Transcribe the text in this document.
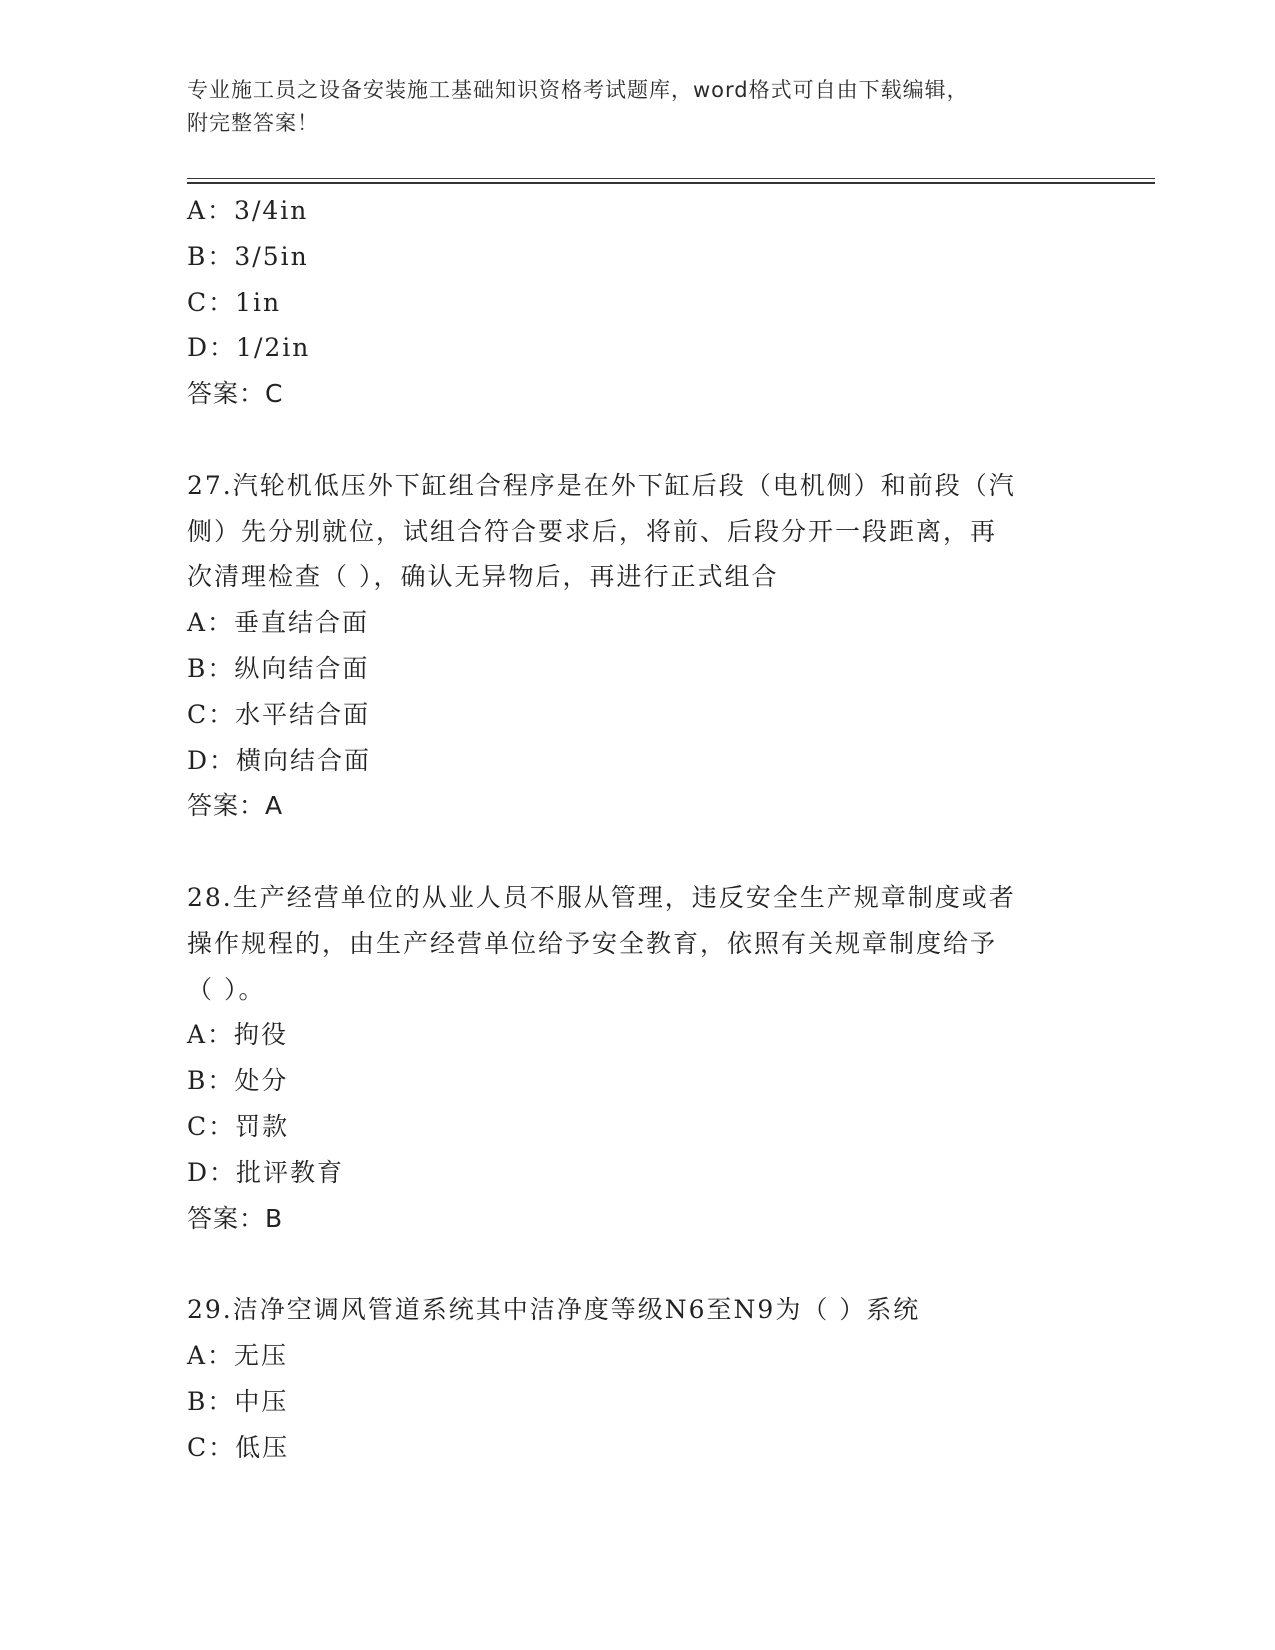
专业施工员之设备安装施工基础知识资格考试题库，word格式可自由下载编辑，
附完整答案！
A：3/4in
B：3/5in
C：1in
D：1/2in
答案：C
27.汽轮机低压外下缸组合程序是在外下缸后段（电机侧）和前段（汽
侧）先分别就位，试组合符合要求后，将前、后段分开一段距离，再
次清理检查（ ），确认无异物后，再进行正式组合
A：垂直结合面
B：纵向结合面
C：水平结合面
D：横向结合面
答案：A
28.生产经营单位的从业人员不服从管理，违反安全生产规章制度或者
操作规程的，由生产经营单位给予安全教育，依照有关规章制度给予
（ ）。
A：拘役
B：处分
C：罚款
D：批评教育
答案：B
29.洁净空调风管道系统其中洁净度等级N6至N9为（ ）系统
A：无压
B：中压
C：低压
